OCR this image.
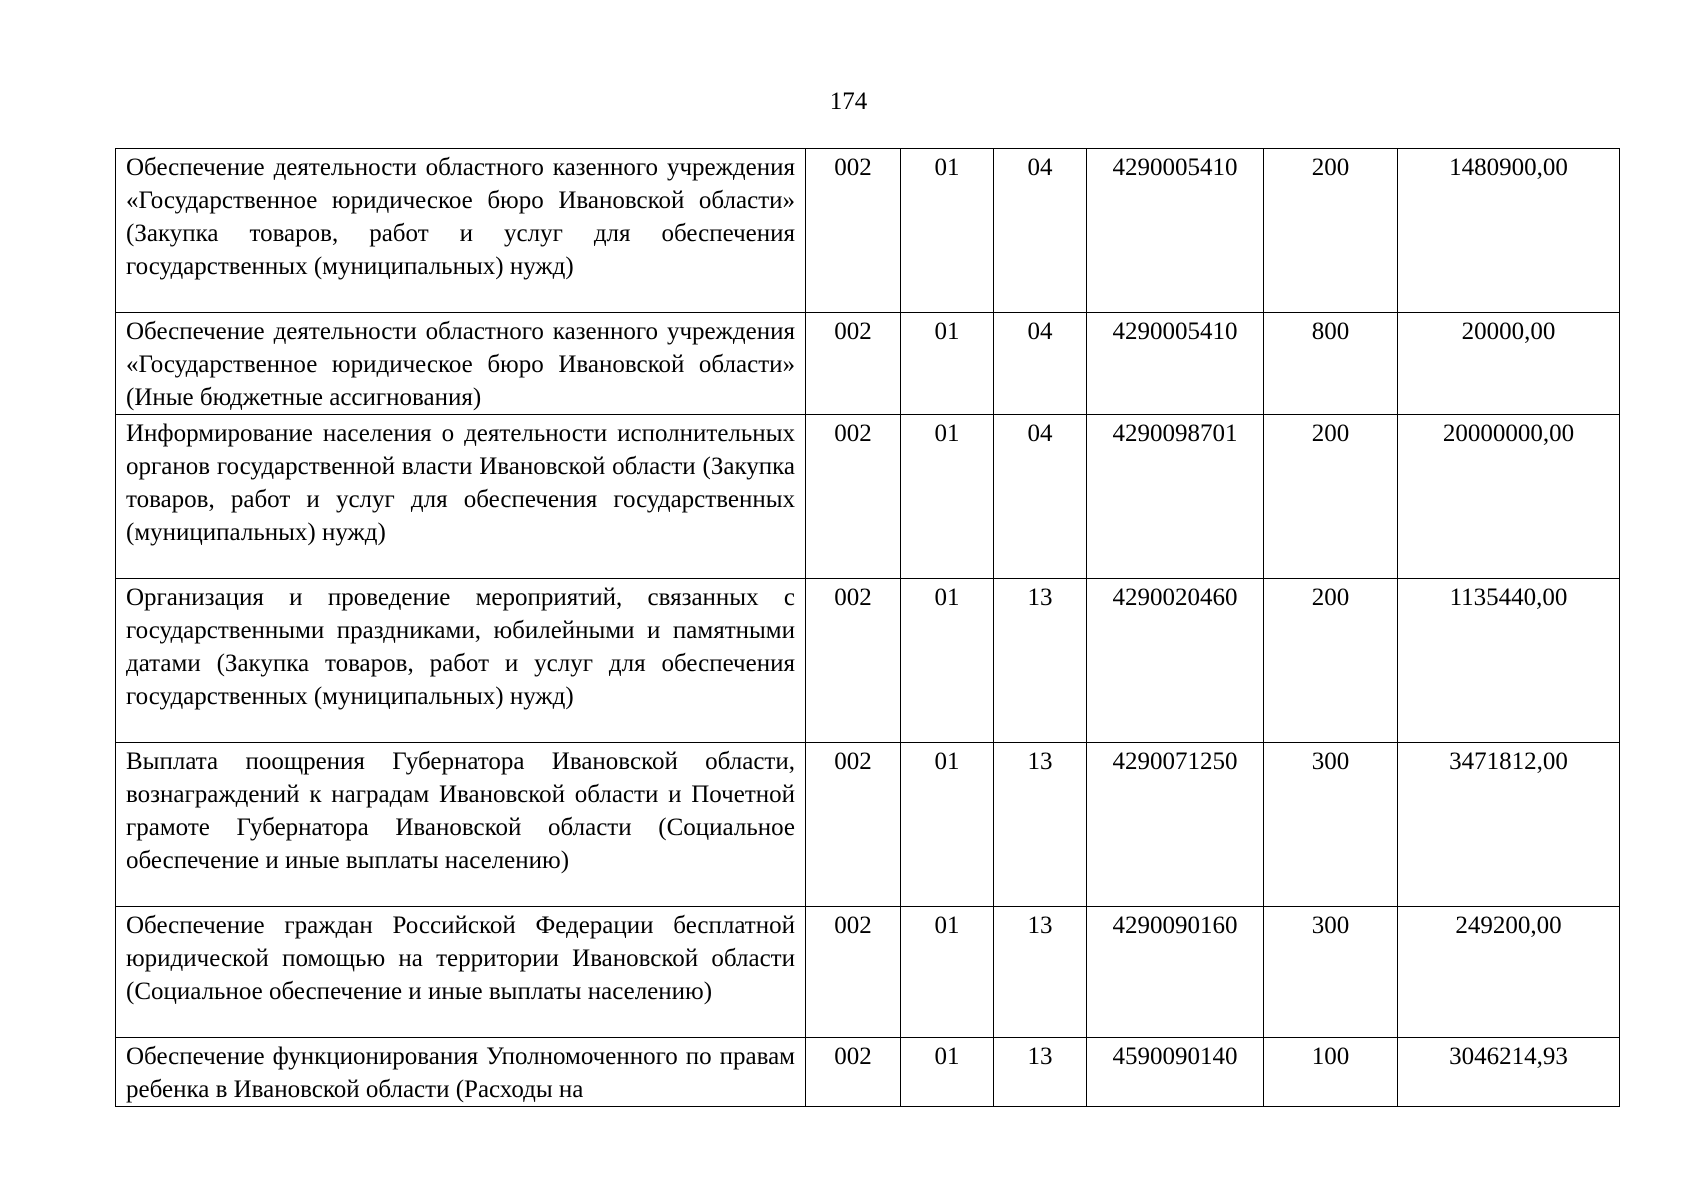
174
Обеспечение деятельности областного казенного учреждения «Государственное юридическое бюро Ивановской области» (Закупка товаров, работ и услуг для обеспечения государственных (муниципальных) нужд)	002	01	04	4290005410	200	1480900,00
Обеспечение деятельности областного казенного учреждения «Государственное юридическое бюро Ивановской области» (Иные бюджетные ассигнования)	002	01	04	4290005410	800	20000,00
Информирование населения о деятельности исполнительных органов государственной власти Ивановской области (Закупка товаров, работ и услуг для обеспечения государственных (муниципальных) нужд)	002	01	04	4290098701	200	20000000,00
Организация и проведение мероприятий, связанных с государственными праздниками, юбилейными и памятными датами (Закупка товаров, работ и услуг для обеспечения государственных (муниципальных) нужд)	002	01	13	4290020460	200	1135440,00
Выплата поощрения Губернатора Ивановской области, вознаграждений к наградам Ивановской области и Почетной грамоте Губернатора Ивановской области (Социальное обеспечение и иные выплаты населению)	002	01	13	4290071250	300	3471812,00
Обеспечение граждан Российской Федерации бесплатной юридической помощью на территории Ивановской области (Социальное обеспечение и иные выплаты населению)	002	01	13	4290090160	300	249200,00
Обеспечение функционирования Уполномоченного по правам ребенка в Ивановской области (Расходы на	002	01	13	4590090140	100	3046214,93
